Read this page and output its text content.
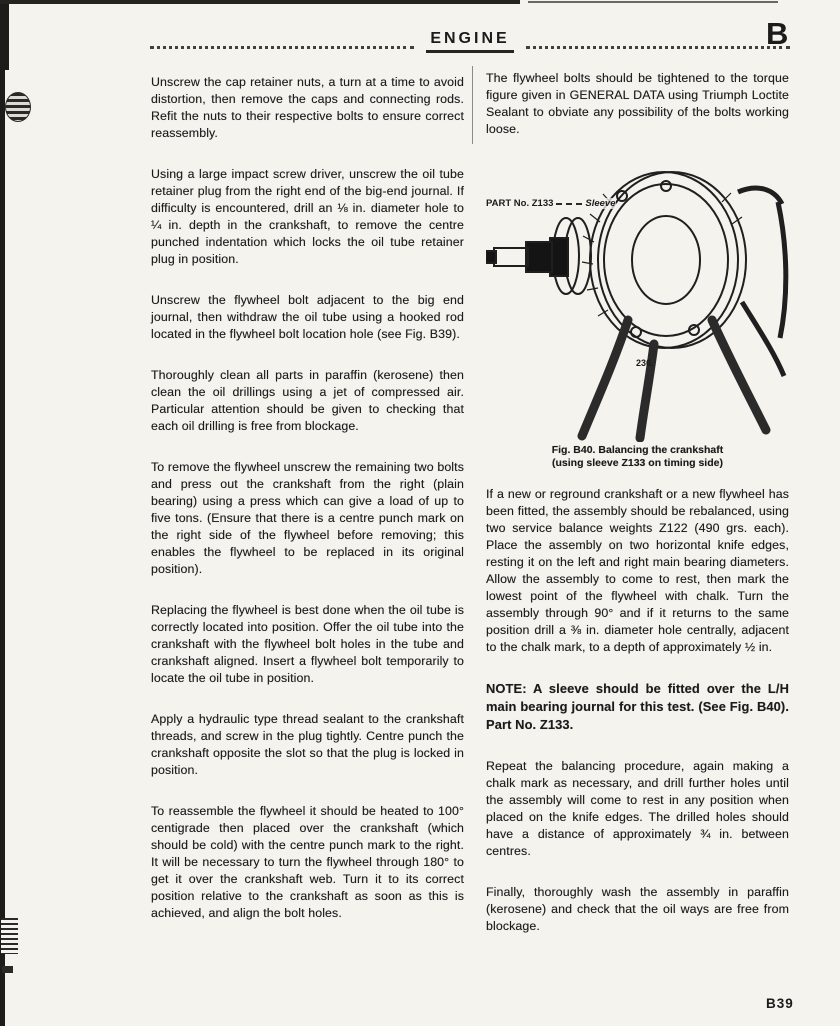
ENGINE	B

Unscrew the cap retainer nuts, a turn at a time to avoid distortion, then remove the caps and connecting rods. Refit the nuts to their respective bolts to ensure correct reassembly.

Using a large impact screw driver, unscrew the oil tube retainer plug from the right end of the big-end journal. If difficulty is encountered, drill an ⅛ in. diameter hole to ¼ in. depth in the crankshaft, to remove the centre punched indentation which locks the oil tube retainer plug in position.

Unscrew the flywheel bolt adjacent to the big end journal, then withdraw the oil tube using a hooked rod located in the flywheel bolt location hole (see Fig. B39).

Thoroughly clean all parts in paraffin (kerosene) then clean the oil drillings using a jet of compressed air. Particular attention should be given to checking that each oil drilling is free from blockage.

To remove the flywheel unscrew the remaining two bolts and press out the crankshaft from the right (plain bearing) using a press which can give a load of up to five tons. (Ensure that there is a centre punch mark on the right side of the flywheel before removing; this enables the flywheel to be replaced in its original position).

Replacing the flywheel is best done when the oil tube is correctly located into position. Offer the oil tube into the crankshaft with the flywheel bolt holes in the tube and crankshaft aligned. Insert a flywheel bolt temporarily to locate the oil tube in position.

Apply a hydraulic type thread sealant to the crankshaft threads, and screw in the plug tightly. Centre punch the crankshaft opposite the slot so that the plug is locked in position.

To reassemble the flywheel it should be heated to 100° centigrade then placed over the crankshaft (which should be cold) with the centre punch mark to the right. It will be necessary to turn the flywheel through 180° to get it over the crankshaft web. Turn it to its correct position relative to the crankshaft as soon as this is achieved, and align the bolt holes.

The flywheel bolts should be tightened to the torque figure given in GENERAL DATA using Triumph Loctite Sealant to obviate any possibility of the bolts working loose.

PART No. Z133	Sleeve
236.
Fig. B40. Balancing the crankshaft
(using sleeve Z133 on timing side)

If a new or reground crankshaft or a new flywheel has been fitted, the assembly should be rebalanced, using two service balance weights Z122 (490 grs. each). Place the assembly on two horizontal knife edges, resting it on the left and right main bearing diameters. Allow the assembly to come to rest, then mark the lowest point of the flywheel with chalk. Turn the assembly through 90° and if it returns to the same position drill a ⅜ in. diameter hole centrally, adjacent to the chalk mark, to a depth of approximately ½ in.

NOTE: A sleeve should be fitted over the L/H main bearing journal for this test. (See Fig. B40). Part No. Z133.

Repeat the balancing procedure, again making a chalk mark as necessary, and drill further holes until the assembly will come to rest in any position when placed on the knife edges. The drilled holes should have a distance of approximately ¾ in. between centres.

Finally, thoroughly wash the assembly in paraffin (kerosene) and check that the oil ways are free from blockage.

B39
